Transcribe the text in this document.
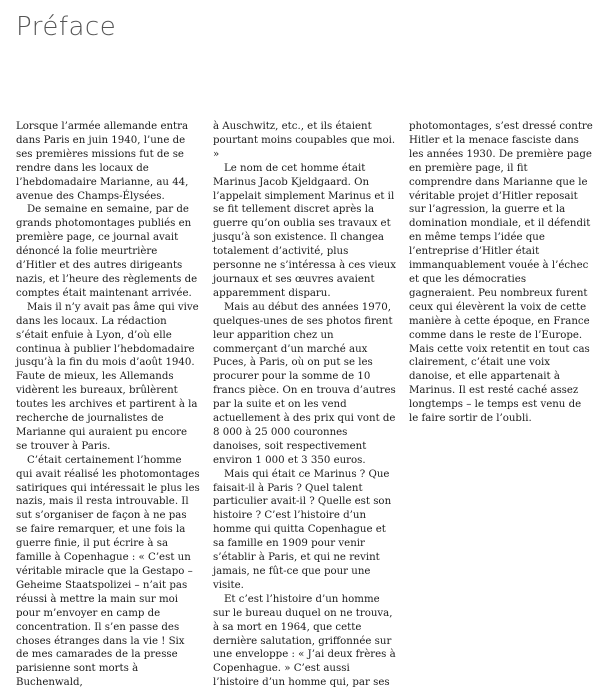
Préface

Lorsque l’armée allemande entra dans Paris en juin 1940, l’une de ses premières missions fut de se rendre dans les locaux de l’hebdomadaire Marianne, au 44, avenue des Champs-Élysées.

De semaine en semaine, par de grands photomontages publiés en première page, ce journal avait dénoncé la folie meurtrière d’Hitler et des autres dirigeants nazis, et l’heure des règlements de comptes était maintenant arrivée.

Mais il n’y avait pas âme qui vive dans les locaux. La rédaction s’était enfuie à Lyon, d’où elle continua à publier l’hebdomadaire jusqu’à la fin du mois d’août 1940. Faute de mieux, les Allemands vidèrent les bureaux, brûlèrent toutes les archives et partirent à la recherche de journalistes de Marianne qui auraient pu encore se trouver à Paris.

C’était certainement l’homme qui avait réalisé les photomontages satiriques qui intéressait le plus les nazis, mais il resta introuvable. Il sut s’organiser de façon à ne pas se faire remarquer, et une fois la guerre finie, il put écrire à sa famille à Copenhague : « C’est un véritable miracle que la Gestapo – Geheime Staatspolizei – n’ait pas réussi à mettre la main sur moi pour m’envoyer en camp de concentration. Il s’en passe des choses étranges dans la vie ! Six de mes camarades de la presse parisienne sont morts à Buchenwald,

à Auschwitz, etc., et ils étaient pourtant moins coupables que moi. »

Le nom de cet homme était Marinus Jacob Kjeldgaard. On l’appelait simplement Marinus et il se fit tellement discret après la guerre qu’on oublia ses travaux et jusqu’à son existence. Il changea totalement d’activité, plus personne ne s’intéressa à ces vieux journaux et ses œuvres avaient apparemment disparu.

Mais au début des années 1970, quelques-unes de ses photos firent leur apparition chez un commerçant d’un marché aux Puces, à Paris, où on put se les procurer pour la somme de 10 francs pièce. On en trouva d’autres par la suite et on les vend actuellement à des prix qui vont de 8 000 à 25 000 couronnes danoises, soit respectivement environ 1 000 et 3 350 euros.

Mais qui était ce Marinus ? Que faisait-il à Paris ? Quel talent particulier avait-il ? Quelle est son histoire ? C’est l’histoire d’un homme qui quitta Copenhague et sa famille en 1909 pour venir s’établir à Paris, et qui ne revint jamais, ne fût-ce que pour une visite.

Et c’est l’histoire d’un homme sur le bureau duquel on ne trouva, à sa mort en 1964, que cette dernière salutation, griffonnée sur une enveloppe : « J’ai deux frères à Copenhague. » C’est aussi l’histoire d’un homme qui, par ses

photomontages, s’est dressé contre Hitler et la menace fasciste dans les années 1930. De première page en première page, il fit comprendre dans Marianne que le véritable projet d’Hitler reposait sur l’agression, la guerre et la domination mondiale, et il défendit en même temps l’idée que l’entreprise d’Hitler était immanquablement vouée à l’échec et que les démocraties gagneraient. Peu nombreux furent ceux qui élevèrent la voix de cette manière à cette époque, en France comme dans le reste de l’Europe. Mais cette voix retentit en tout cas clairement, c’était une voix danoise, et elle appartenait à Marinus. Il est resté caché assez longtemps – le temps est venu de le faire sortir de l’oubli.
